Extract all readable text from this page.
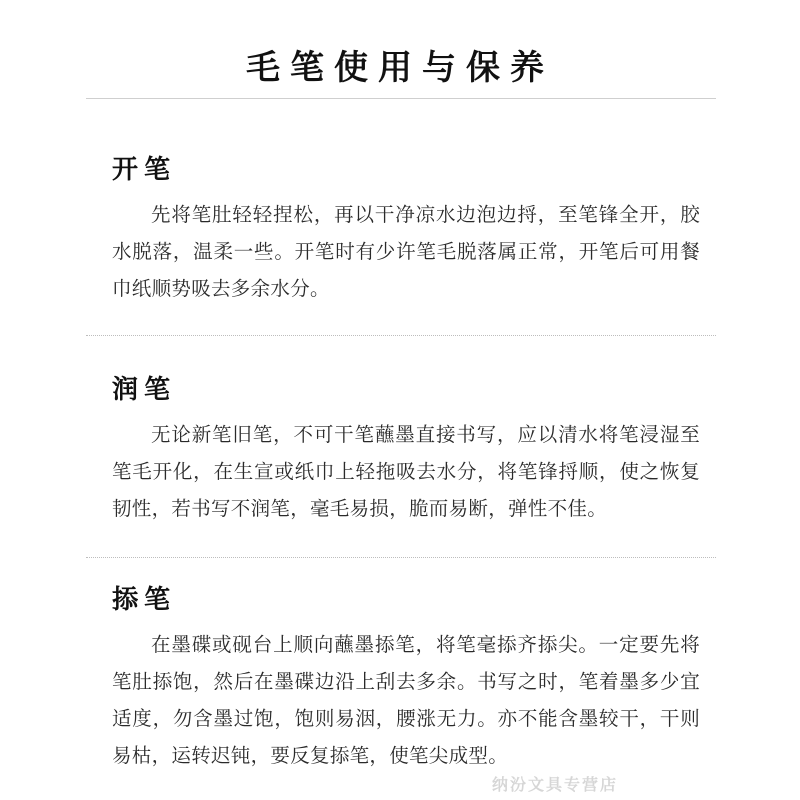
毛笔使用与保养
开笔

先将笔肚轻轻捏松，再以干净凉水边泡边捋，至笔锋全开，胶水脱落，温柔一些。开笔时有少许笔毛脱落属正常，开笔后可用餐巾纸顺势吸去多余水分。

润笔

无论新笔旧笔，不可干笔蘸墨直接书写，应以清水将笔浸湿至笔毛开化，在生宣或纸巾上轻拖吸去水分，将笔锋捋顺，使之恢复韧性，若书写不润笔，毫毛易损，脆而易断，弹性不佳。

掭笔

在墨碟或砚台上顺向蘸墨掭笔，将笔毫掭齐掭尖。一定要先将笔肚掭饱，然后在墨碟边沿上刮去多余。书写之时，笔着墨多少宜适度，勿含墨过饱，饱则易洇，腰涨无力。亦不能含墨较干，干则易枯，运转迟钝，要反复掭笔，使笔尖成型。

纳汾文具专营店
